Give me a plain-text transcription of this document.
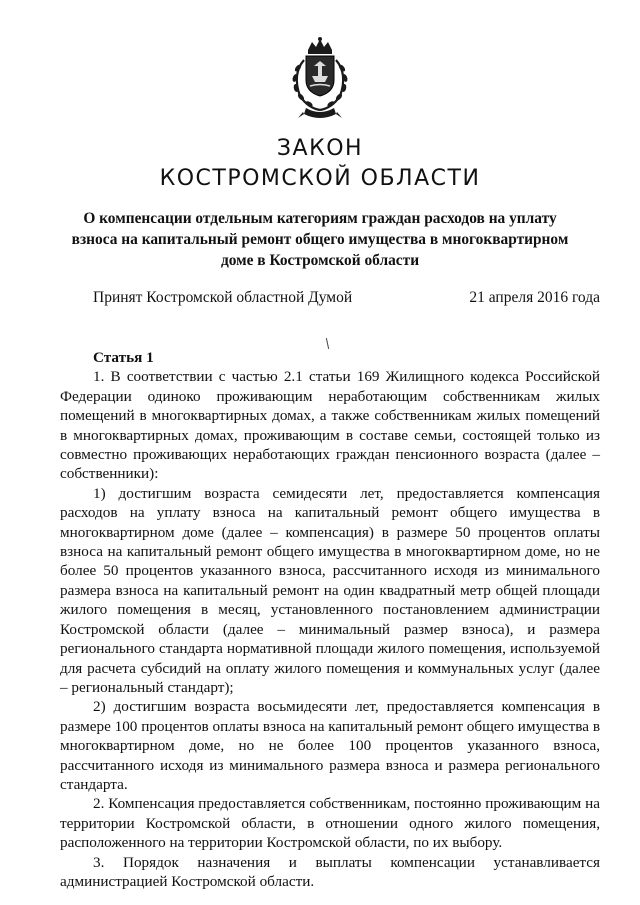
ЗАКОН
КОСТРОМСКОЙ ОБЛАСТИ
О компенсации отдельным категориям граждан расходов на уплату взноса на капитальный ремонт общего имущества в многоквартирном доме в Костромской области
Принят Костромской областной Думой	21 апреля 2016 года

Статья 1

1. В соответствии с частью 2.1 статьи 169 Жилищного кодекса Российской Федерации одиноко проживающим неработающим собственникам жилых помещений в многоквартирных домах, а также собственникам жилых помещений в многоквартирных домах, проживающим в составе семьи, состоящей только из совместно проживающих неработающих граждан пенсионного возраста (далее – собственники):

1) достигшим возраста семидесяти лет, предоставляется компенсация расходов на уплату взноса на капитальный ремонт общего имущества в многоквартирном доме (далее – компенсация) в размере 50 процентов оплаты взноса на капитальный ремонт общего имущества в многоквартирном доме, но не более 50 процентов указанного взноса, рассчитанного исходя из минимального размера взноса на капитальный ремонт на один квадратный метр общей площади жилого помещения в месяц, установленного постановлением администрации Костромской области (далее – минимальный размер взноса), и размера регионального стандарта нормативной площади жилого помещения, используемой для расчета субсидий на оплату жилого помещения и коммунальных услуг (далее – региональный стандарт);

2) достигшим возраста восьмидесяти лет, предоставляется компенсация в размере 100 процентов оплаты взноса на капитальный ремонт общего имущества в многоквартирном доме, но не более 100 процентов указанного взноса, рассчитанного исходя из минимального размера взноса и размера регионального стандарта.

2. Компенсация предоставляется собственникам, постоянно проживающим на территории Костромской области, в отношении одного жилого помещения, расположенного на территории Костромской области, по их выбору.

3. Порядок назначения и выплаты компенсации устанавливается администрацией Костромской области.
